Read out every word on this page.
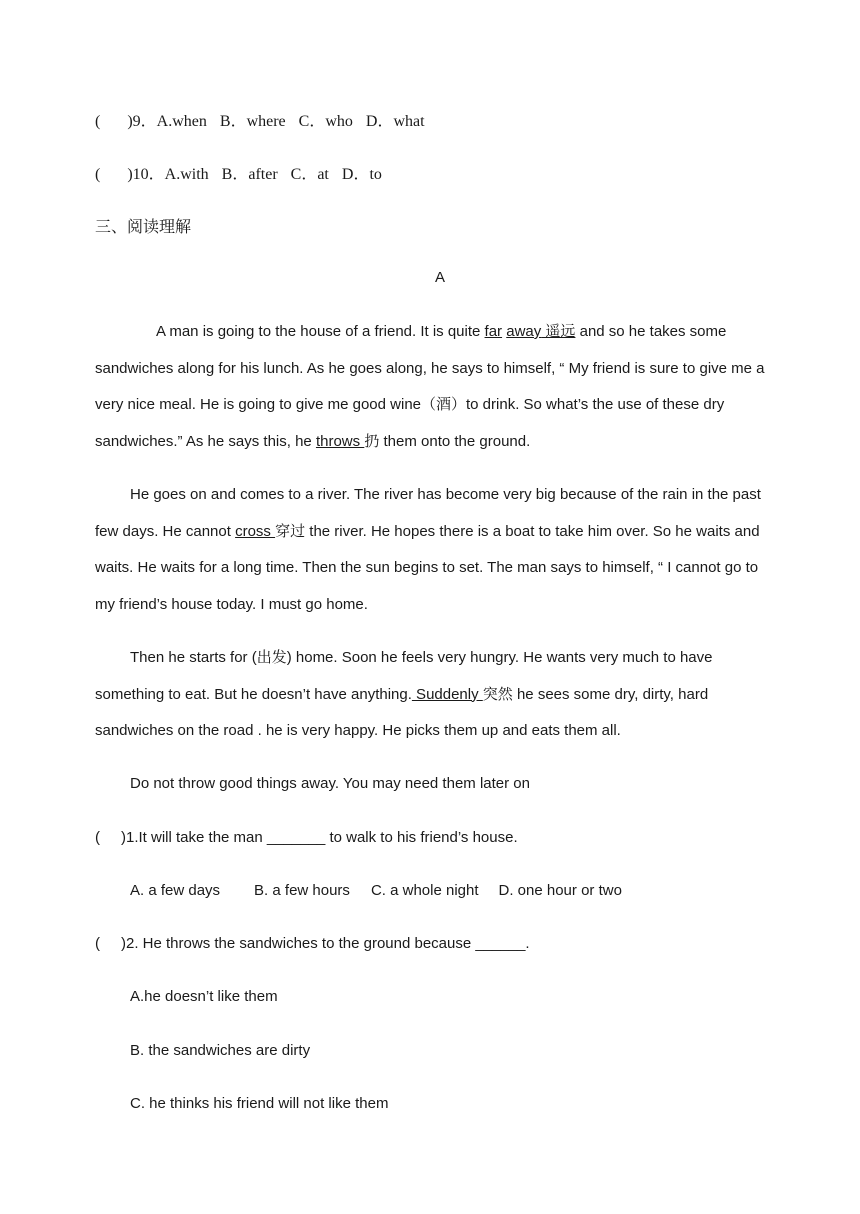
( )9．A.when B．where C．who D．what
( )10．A.with B．after C．at D．to
三、阅读理解
A

A man is going to the house of a friend. It is quite far away 遥远 and so he takes some sandwiches along for his lunch. As he goes along, he says to himself, “ My friend is sure to give me a very nice meal. He is going to give me good wine（酒）to drink. So what’s the use of these dry sandwiches.” As he says this, he throws 扔 them onto the ground.

He goes on and comes to a river. The river has become very big because of the rain in the past few days. He cannot cross 穿过 the river. He hopes there is a boat to take him over. So he waits and waits. He waits for a long time. Then the sun begins to set. The man says to himself, “ I cannot go to my friend’s house today. I must go home.

Then he starts for (出发) home. Soon he feels very hungry. He wants very much to have something to eat. But he doesn’t have anything. Suddenly 突然 he sees some dry, dirty, hard sandwiches on the road . he is very happy. He picks them up and eats them all.

Do not throw good things away. You may need them later on
( )1.It will take the man _______ to walk to his friend’s house.
A. a few days B. a few hours C. a whole night D. one hour or two
( )2. He throws the sandwiches to the ground because ______.
A.he doesn’t like them
B. the sandwiches are dirty
C. he thinks his friend will not like them
